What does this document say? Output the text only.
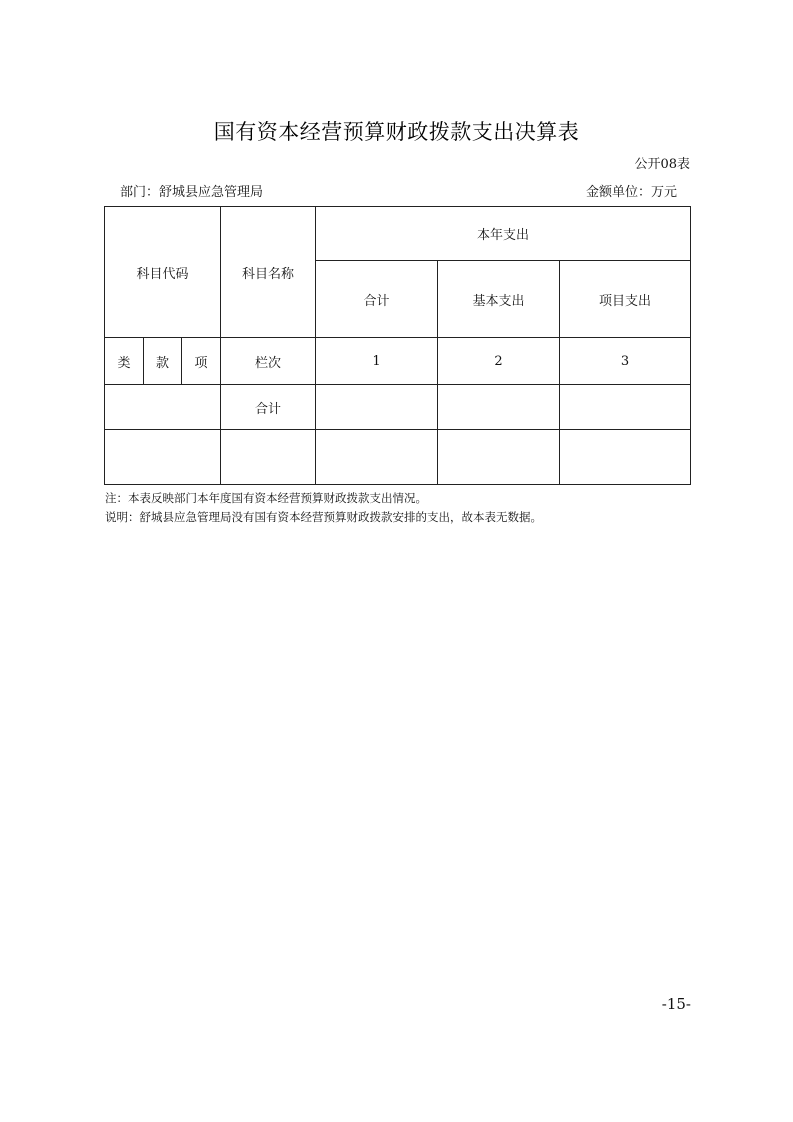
国有资本经营预算财政拨款支出决算表
公开08表
部门：舒城县应急管理局	金额单位：万元
科目代码			科目名称	本年支出		
				合计	基本支出	项目支出
类	款	项	栏次	1	2	3
			合计			

注：本表反映部门本年度国有资本经营预算财政拨款支出情况。
说明：舒城县应急管理局没有国有资本经营预算财政拨款安排的支出，故本表无数据。
-15-
